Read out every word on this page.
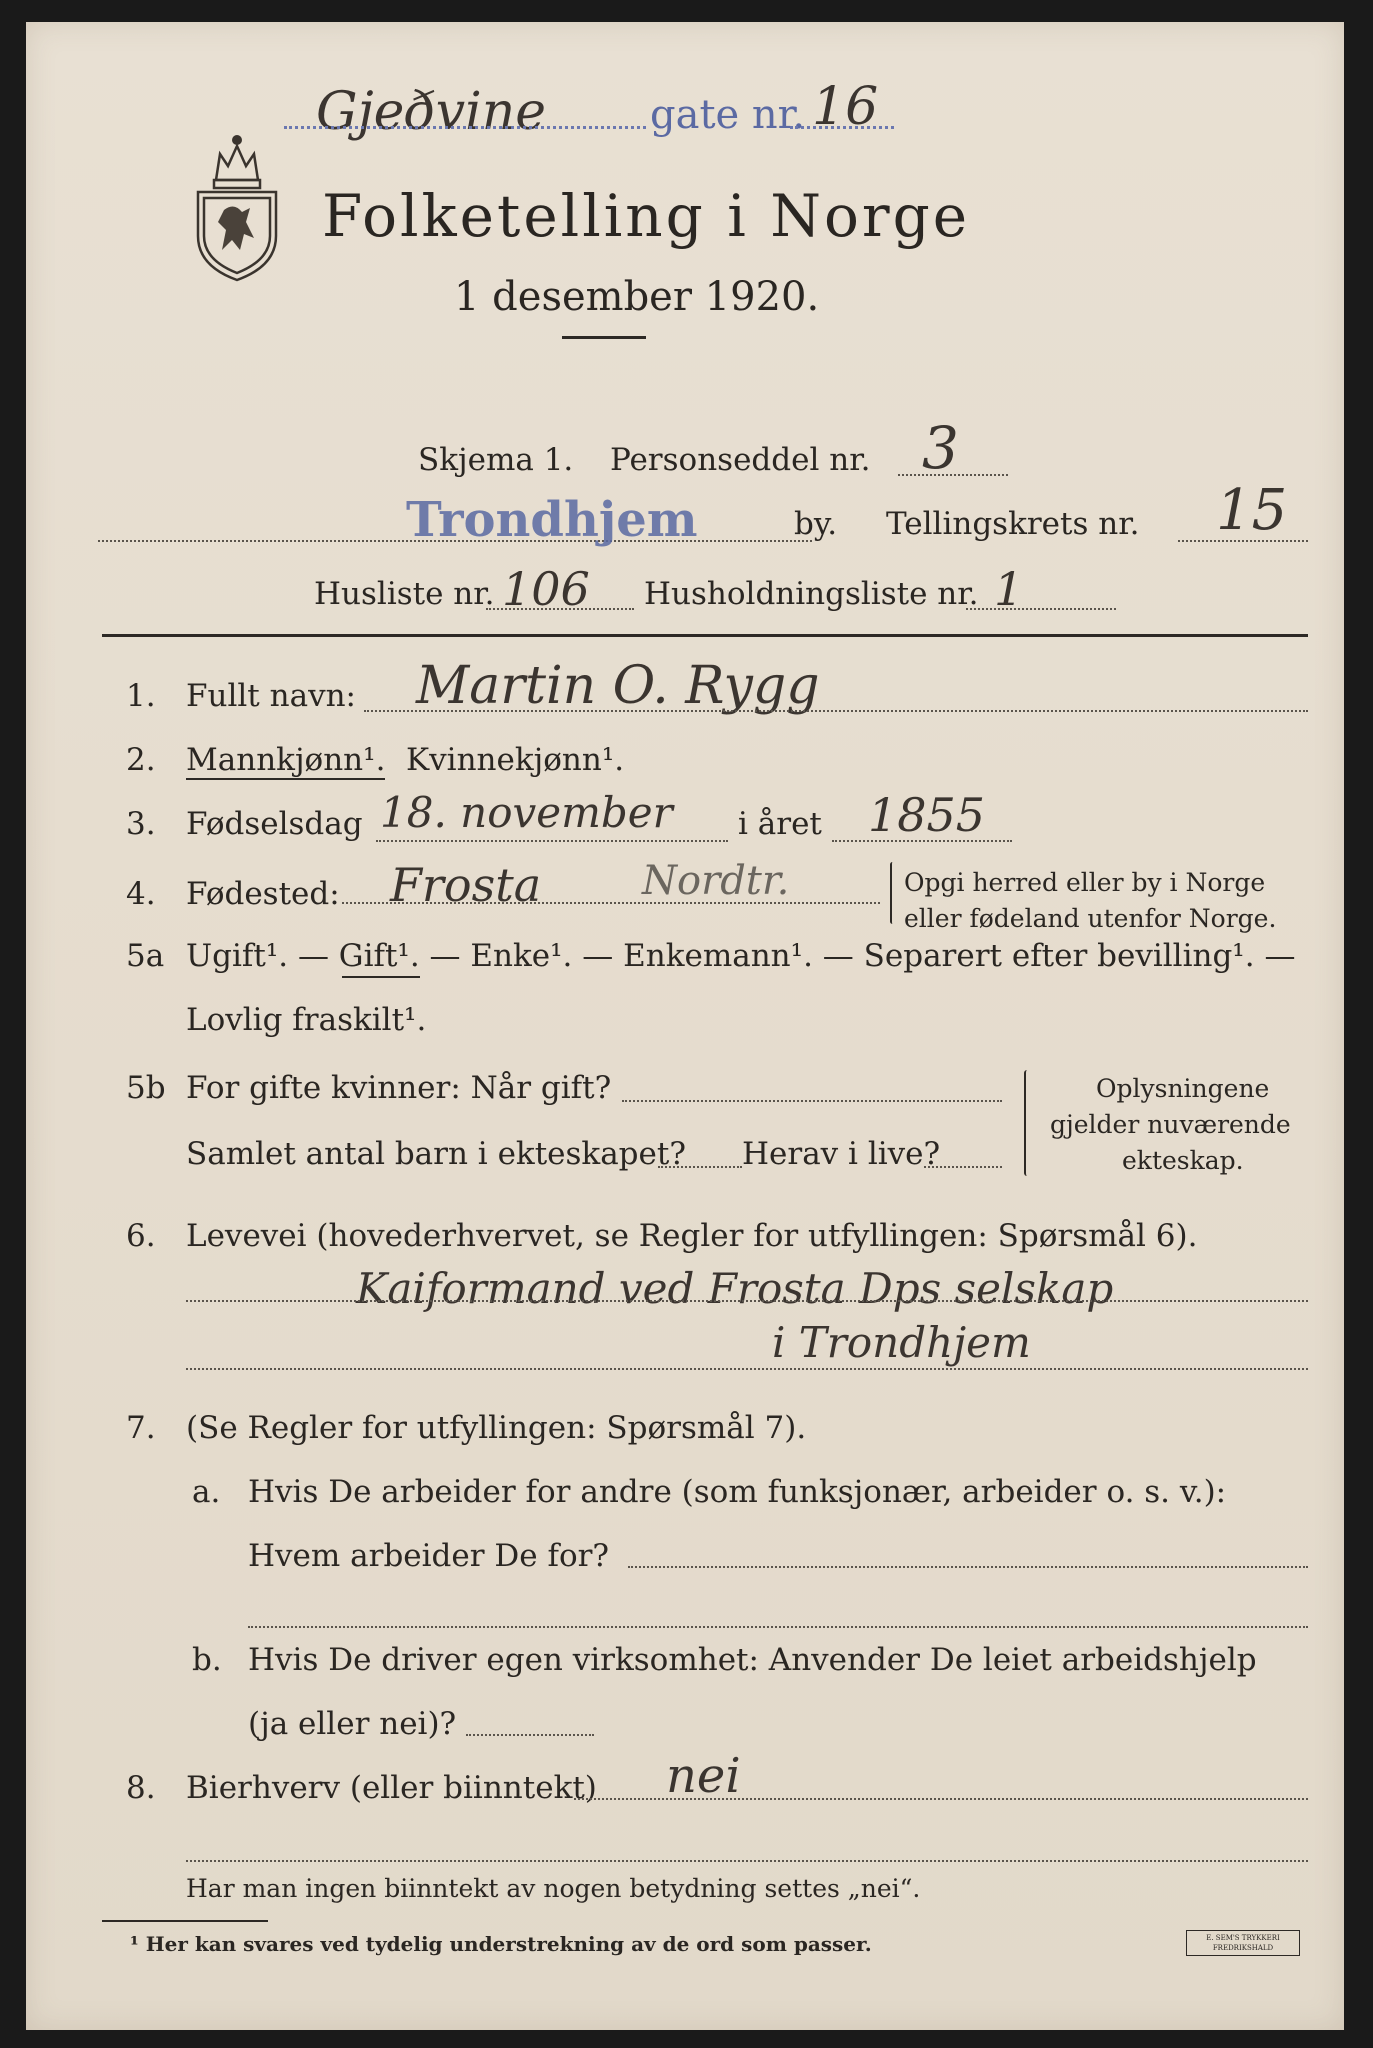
Gjeðvine	gate nr. 16
Folketelling i Norge
1 desember 1920.
Skjema 1. Personseddel nr. 3
Trondhjem	by. Tellingskrets nr. 15
Husliste nr. 106 Husholdningsliste nr. 1
1. Fullt navn: Martin O. Rygg
2. Mannkjønn¹. Kvinnekjønn¹.
3. Fødselsdag 18. november i året 1855
4. Fødested: Frosta	Nordtr.	Opgi herred eller by i Norge
eller fødeland utenfor Norge.
5a Ugift¹. — Gift¹. — Enke¹. — Enkemann¹. — Separert efter bevilling¹. —
Lovlig fraskilt¹.
5b For gifte kvinner: Når gift?
Samlet antal barn i ekteskapet? Herav i live?
Oplysningene
gjelder nuværende
ekteskap.
6. Levevei (hovederhvervet, se Regler for utfyllingen: Spørsmål 6).
Kaiformand ved Frosta Dps selskap
i Trondhjem
7. (Se Regler for utfyllingen: Spørsmål 7).
a. Hvis De arbeider for andre (som funksjonær, arbeider o. s. v.):
Hvem arbeider De for?
b. Hvis De driver egen virksomhet: Anvender De leiet arbeidshjelp
(ja eller nei)?
8. Bierhverv (eller biinntekt) nei
Har man ingen biinntekt av nogen betydning settes „nei“.
¹ Her kan svares ved tydelig understrekning av de ord som passer.	E. SEM'S TRYKKERI FREDRIKSHALD
